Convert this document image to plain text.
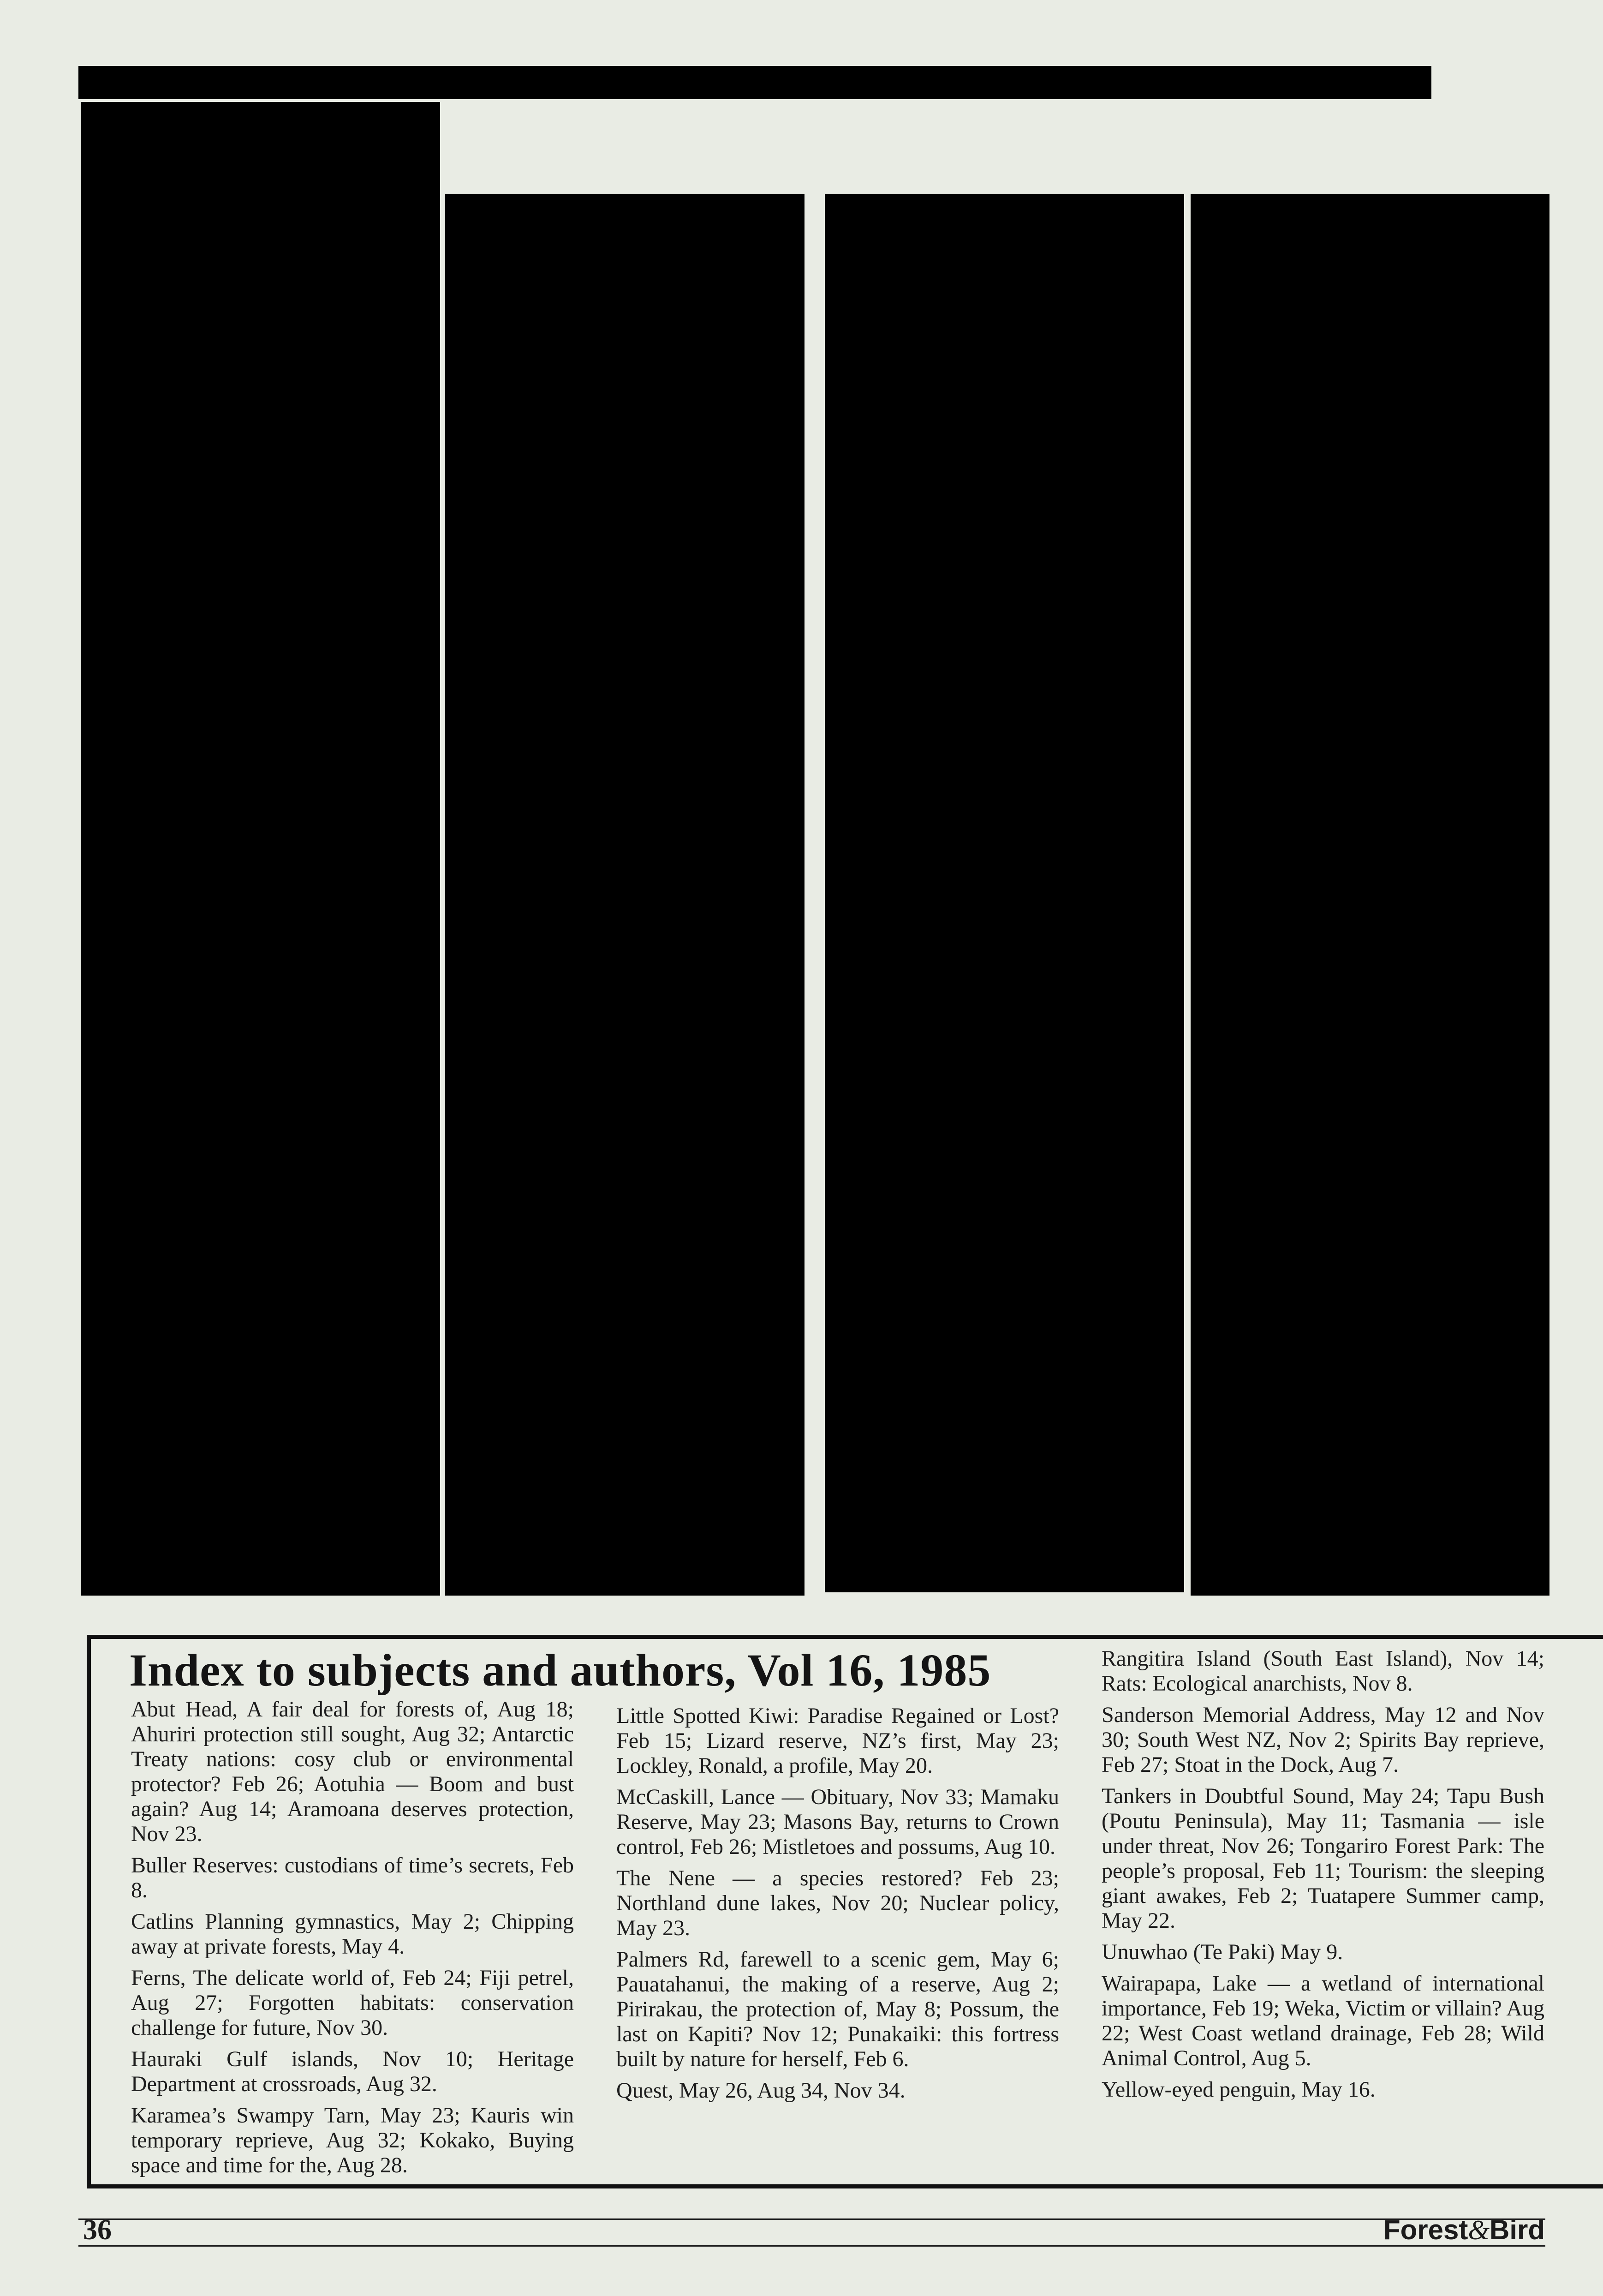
Index to subjects and authors, Vol 16, 1985

Abut Head, A fair deal for forests of, Aug 18; Ahuriri protection still sought, Aug 32; Antarctic Treaty nations: cosy club or environmental protector? Feb 26; Aotuhia — Boom and bust again? Aug 14; Aramoana deserves protection, Nov 23.

Buller Reserves: custodians of time’s secrets, Feb 8.

Catlins Planning gymnastics, May 2; Chipping away at private forests, May 4.

Ferns, The delicate world of, Feb 24; Fiji petrel, Aug 27; Forgotten habitats: conservation challenge for future, Nov 30.

Hauraki Gulf islands, Nov 10; Heritage Department at crossroads, Aug 32.

Karamea’s Swampy Tarn, May 23; Kauris win temporary reprieve, Aug 32; Kokako, Buying space and time for the, Aug 28.

Little Spotted Kiwi: Paradise Regained or Lost? Feb 15; Lizard reserve, NZ’s first, May 23; Lockley, Ronald, a profile, May 20.

McCaskill, Lance — Obituary, Nov 33; Mamaku Reserve, May 23; Masons Bay, returns to Crown control, Feb 26; Mistletoes and possums, Aug 10.

The Nene — a species restored? Feb 23; Northland dune lakes, Nov 20; Nuclear policy, May 23.

Palmers Rd, farewell to a scenic gem, May 6; Pauatahanui, the making of a reserve, Aug 2; Pirirakau, the protection of, May 8; Possum, the last on Kapiti? Nov 12; Punakaiki: this fortress built by nature for herself, Feb 6.

Quest, May 26, Aug 34, Nov 34.

Rangitira Island (South East Island), Nov 14; Rats: Ecological anarchists, Nov 8.

Sanderson Memorial Address, May 12 and Nov 30; South West NZ, Nov 2; Spirits Bay reprieve, Feb 27; Stoat in the Dock, Aug 7.

Tankers in Doubtful Sound, May 24; Tapu Bush (Poutu Peninsula), May 11; Tasmania — isle under threat, Nov 26; Tongariro Forest Park: The people’s proposal, Feb 11; Tourism: the sleeping giant awakes, Feb 2; Tuatapere Summer camp, May 22.

Unuwhao (Te Paki) May 9.

Wairapapa, Lake — a wetland of international importance, Feb 19; Weka, Victim or villain? Aug 22; West Coast wetland drainage, Feb 28; Wild Animal Control, Aug 5.

Yellow-eyed penguin, May 16.

36	Forest&Bird
